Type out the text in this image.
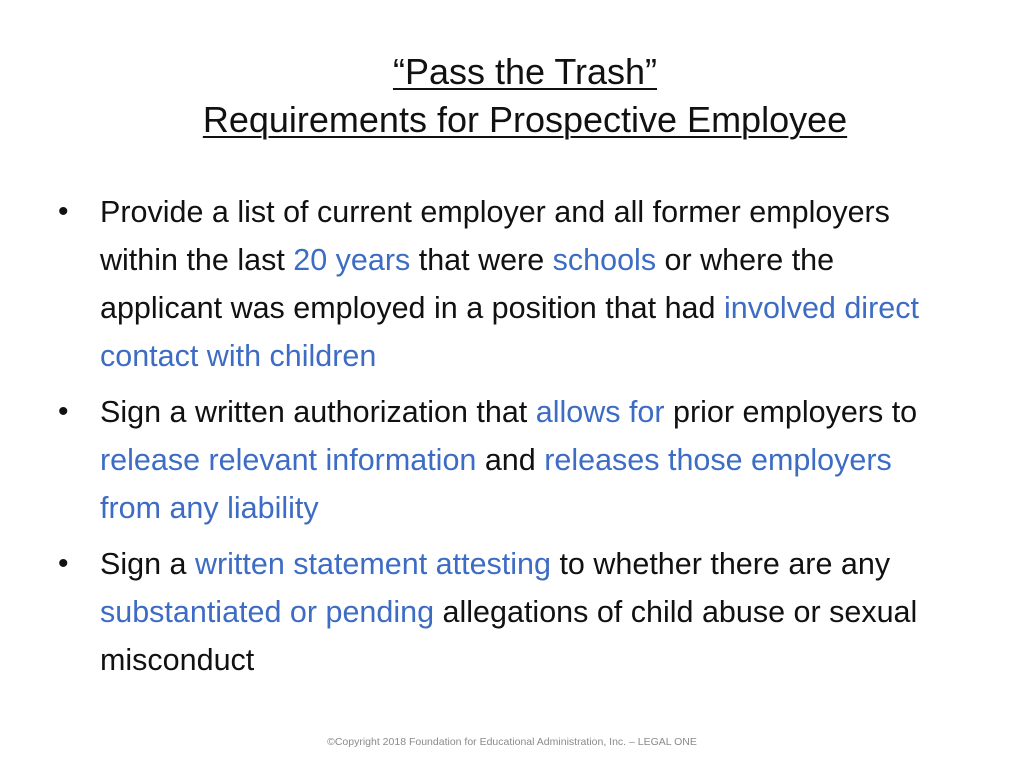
“Pass the Trash”
Requirements for Prospective Employee
• Provide a list of current employer and all former employers within the last 20 years that were schools or where the applicant was employed in a position that had involved direct contact with children
• Sign a written authorization that allows for prior employers to release relevant information and releases those employers from any liability
• Sign a written statement attesting to whether there are any substantiated or pending allegations of child abuse or sexual misconduct
©Copyright 2018 Foundation for Educational Administration, Inc. – LEGAL ONE
